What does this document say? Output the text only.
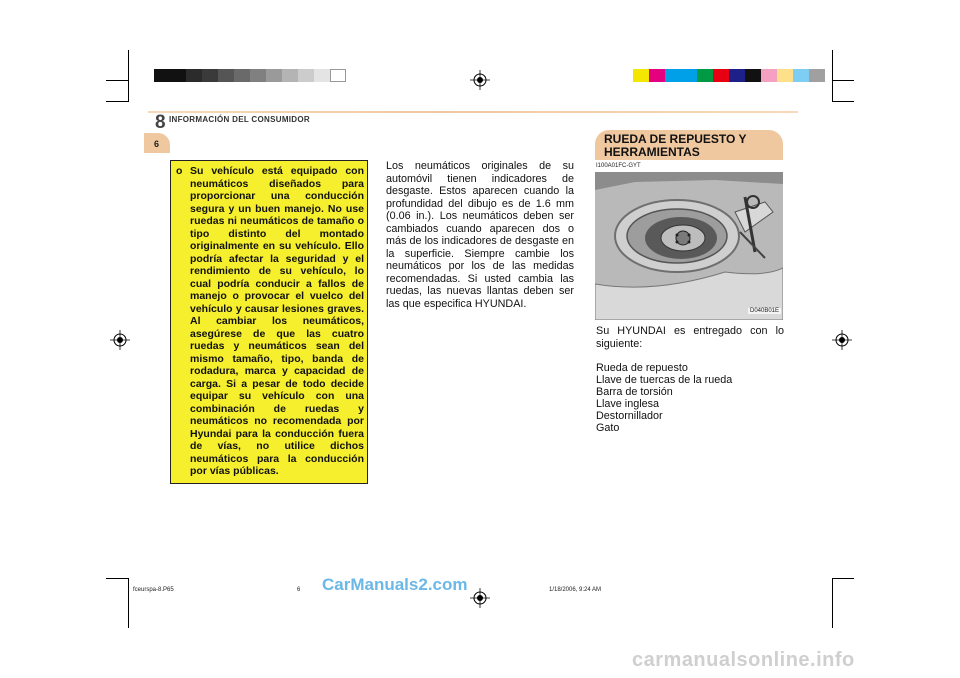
8 INFORMACIÓN DEL CONSUMIDOR
6	RUEDA DE REPUESTO Y HERRAMIENTAS
o Su vehículo está equipado con neumáticos diseñados para proporcionar una conducción segura y un buen manejo. No use ruedas ni neumáticos de tamaño o tipo distinto del montado originalmente en su vehículo. Ello podría afectar la seguridad y el rendimiento de su vehículo, lo cual podría conducir a fallos de manejo o provocar el vuelco del vehículo y causar lesiones graves. Al cambiar los neumáticos, asegúrese de que las cuatro ruedas y neumáticos sean del mismo tamaño, tipo, banda de rodadura, marca y capacidad de carga. Si a pesar de todo decide equipar su vehículo con una combinación de ruedas y neumáticos no recomendada por Hyundai para la conducción fuera de vías, no utilice dichos neumáticos para la conducción por vías públicas.
Los neumáticos originales de su automóvil tienen indicadores de desgaste. Estos aparecen cuando la profundidad del dibujo es de 1.6 mm (0.06 in.). Los neumáticos deben ser cambiados cuando aparecen dos o más de los indicadores de desgaste en la superficie. Siempre cambie los neumáticos por los de las medidas recomendadas. Si usted cambia las ruedas, las nuevas llantas deben ser las que especifica HYUNDAI.
I100A01FC-GYT
D040B01E
Su HYUNDAI es entregado con lo siguiente:
Rueda de repuesto
Llave de tuercas de la rueda
Barra de torsión
Llave inglesa
Destornillador
Gato
fceurspa-8.P65	6	1/18/2006, 9:24 AM
CarManuals2.com
carmanualsonline.info
